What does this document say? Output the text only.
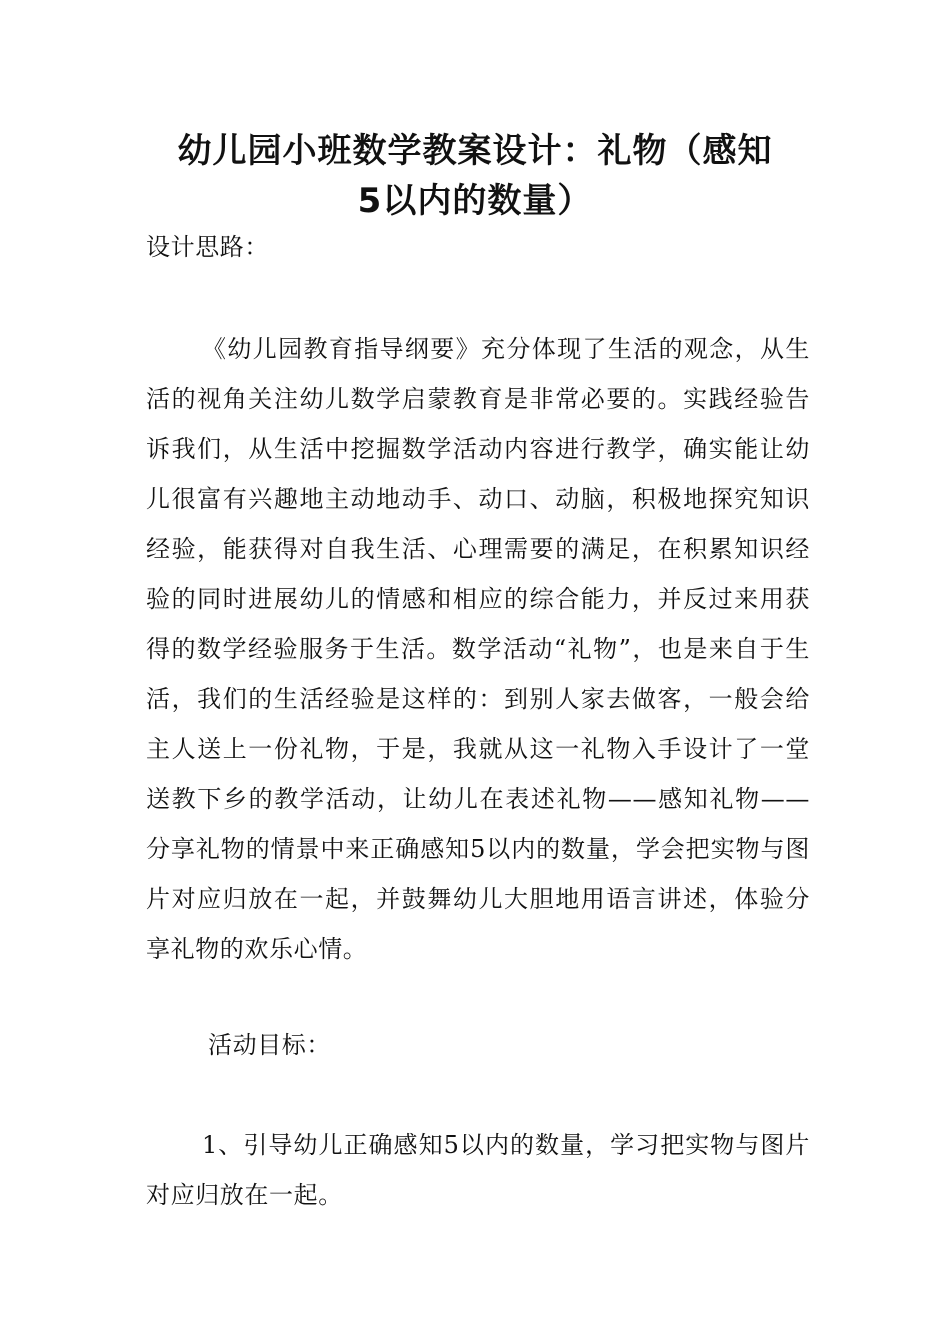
幼儿园小班数学教案设计：礼物（感知
5以内的数量）

设计思路：

《幼儿园教育指导纲要》充分体现了生活的观念，从生活的视角关注幼儿数学启蒙教育是非常必要的。实践经验告诉我们，从生活中挖掘数学活动内容进行教学，确实能让幼儿很富有兴趣地主动地动手、动口、动脑，积极地探究知识经验，能获得对自我生活、心理需要的满足，在积累知识经验的同时进展幼儿的情感和相应的综合能力，并反过来用获得的数学经验服务于生活。数学活动“礼物”，也是来自于生活，我们的生活经验是这样的：到别人家去做客，一般会给主人送上一份礼物，于是，我就从这一礼物入手设计了一堂送教下乡的教学活动，让幼儿在表述礼物——感知礼物——分享礼物的情景中来正确感知5以内的数量，学会把实物与图片对应归放在一起，并鼓舞幼儿大胆地用语言讲述，体验分享礼物的欢乐心情。

活动目标：

1、引导幼儿正确感知5以内的数量，学习把实物与图片对应归放在一起。
